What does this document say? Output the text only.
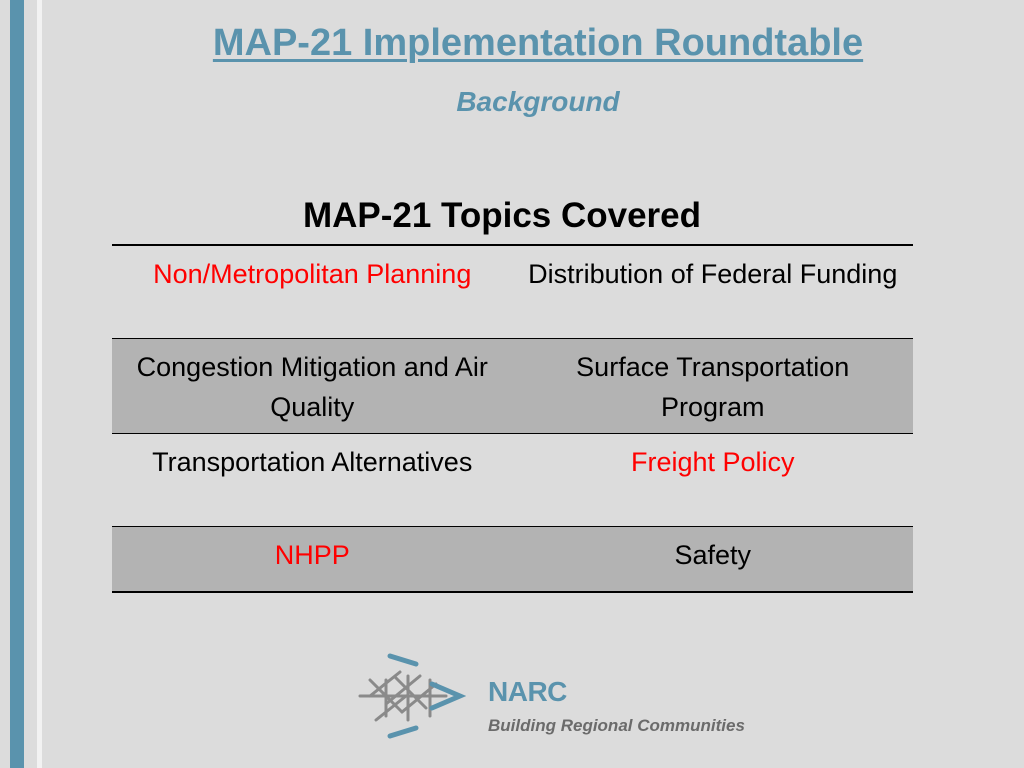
MAP-21 Implementation Roundtable
Background
MAP-21 Topics Covered
Non/Metropolitan Planning	Distribution of Federal Funding
Congestion Mitigation and Air Quality	Surface Transportation Program
Transportation Alternatives	Freight Policy
NHPP	Safety
NARC
Building Regional Communities
